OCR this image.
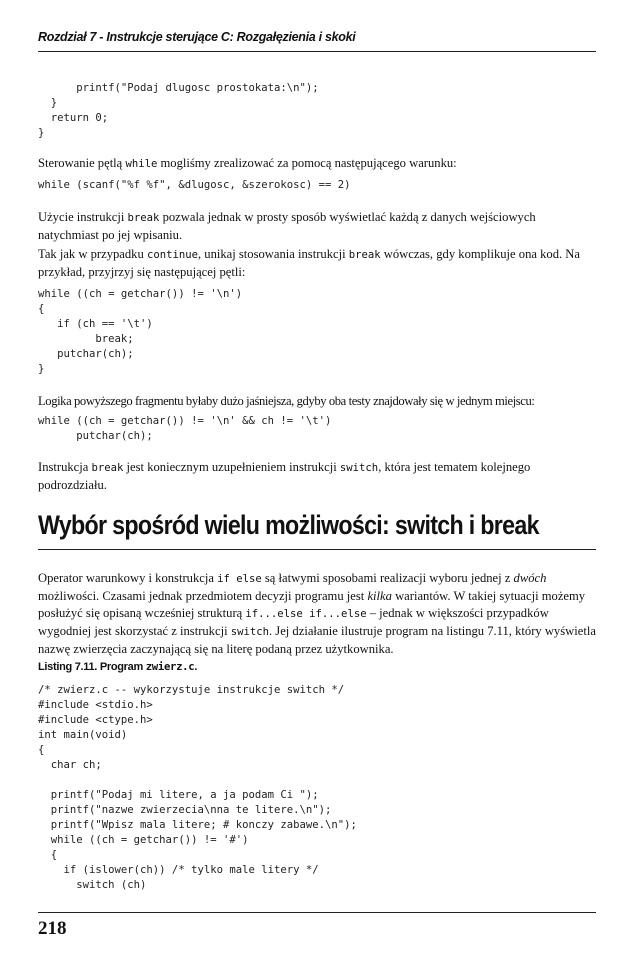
Rozdział 7 - Instrukcje sterujące C: Rozgałęzienia i skoki
printf("Podaj dlugosc prostokata:\n");
}
return 0;
}

Sterowanie pętlą while mogliśmy zrealizować za pomocą następującego warunku:

while (scanf("%f %f", &dlugosc, &szerokosc) == 2)

Użycie instrukcji break pozwala jednak w prosty sposób wyświetlać każdą z danych wejściowych natychmiast po jej wpisaniu.

Tak jak w przypadku continue, unikaj stosowania instrukcji break wówczas, gdy komplikuje ona kod. Na przykład, przyjrzyj się następującej pętli:

while ((ch = getchar()) != '\n')
{
if (ch == '\t')
break;
putchar(ch);
}

Logika powyższego fragmentu byłaby dużo jaśniejsza, gdyby oba testy znajdowały się w jednym miejscu:

while ((ch = getchar()) != '\n' && ch != '\t')
putchar(ch);

Instrukcja break jest koniecznym uzupełnieniem instrukcji switch, która jest tematem kolejnego podrozdziału.

Wybór spośród wielu możliwości: switch i break

Operator warunkowy i konstrukcja if else są łatwymi sposobami realizacji wyboru jednej z dwóch możliwości. Czasami jednak przedmiotem decyzji programu jest kilka wariantów. W takiej sytuacji możemy posłużyć się opisaną wcześniej strukturą if...else if...else – jednak w większości przypadków wygodniej jest skorzystać z instrukcji switch. Jej działanie ilustruje program na listingu 7.11, który wyświetla nazwę zwierzęcia zaczynającą się na literę podaną przez użytkownika.

Listing 7.11. Program zwierz.c.
/* zwierz.c -- wykorzystuje instrukcje switch */
#include <stdio.h>
#include <ctype.h>
int main(void)
{
char ch;

printf("Podaj mi litere, a ja podam Ci ");
printf("nazwe zwierzecia\nna te litere.\n");
printf("Wpisz mala litere; # konczy zabawe.\n");
while ((ch = getchar()) != '#')
{
if (islower(ch)) /* tylko male litery */
switch (ch)
218
